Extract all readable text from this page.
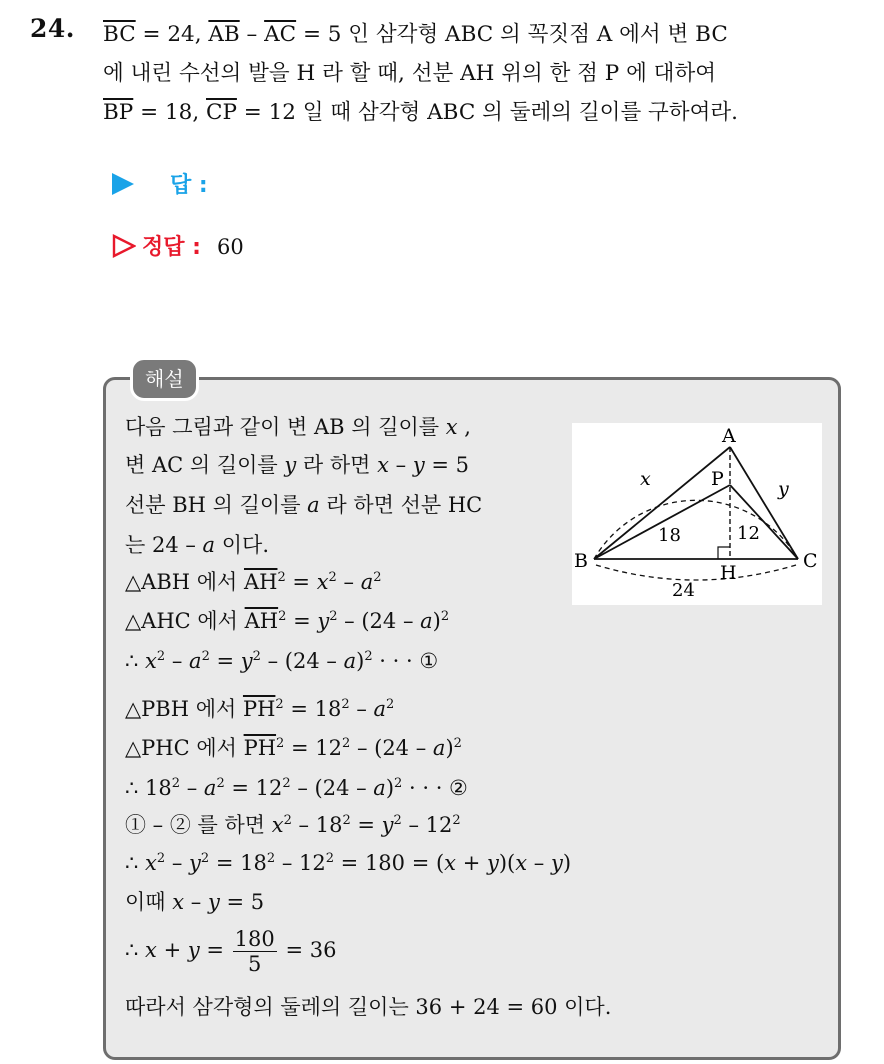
24. $\overline{BC} = 24$, $\overline{AB} - \overline{AC} = 5$ 인 삼각형 ABC 의 꼭짓점 A 에서 변 BC
에 내린 수선의 발을 H 라 할 때, 선분 AH 위의 한 점 P 에 대하여
$\overline{BP} = 18$, $\overline{CP} = 12$ 일 때 삼각형 ABC 의 둘레의 길이를 구하여라.
답 :
정답 : 60
해설
다음 그림과 같이 변 AB 의 길이를 x ,
변 AC 의 길이를 y 라 하면 x – y = 5
선분 BH 의 길이를 a 라 하면 선분 HC
는 24 – a 이다.
△ABH 에서 $\overline{AH}^2 = x^2 - a^2$
△AHC 에서 $\overline{AH}^2 = y^2 - (24 - a)^2$
∴ $x^2 - a^2 = y^2 - (24 - a)^2$ · · · ①
△PBH 에서 $\overline{PH}^2 = 18^2 - a^2$
△PHC 에서 $\overline{PH}^2 = 12^2 - (24 - a)^2$
∴ $18^2 - a^2 = 12^2 - (24 - a)^2$ · · · ②
① – ② 를 하면 $x^2 - 18^2 = y^2 - 12^2$
∴ $x^2 - y^2 = 18^2 - 12^2 = 180 = (x + y)(x - y)$
이때 x – y = 5
∴ $x + y = \frac{180}{5} = 36$
따라서 삼각형의 둘레의 길이는 36 + 24 = 60 이다.
A
B	C
H
P
x	y
18	12
24
